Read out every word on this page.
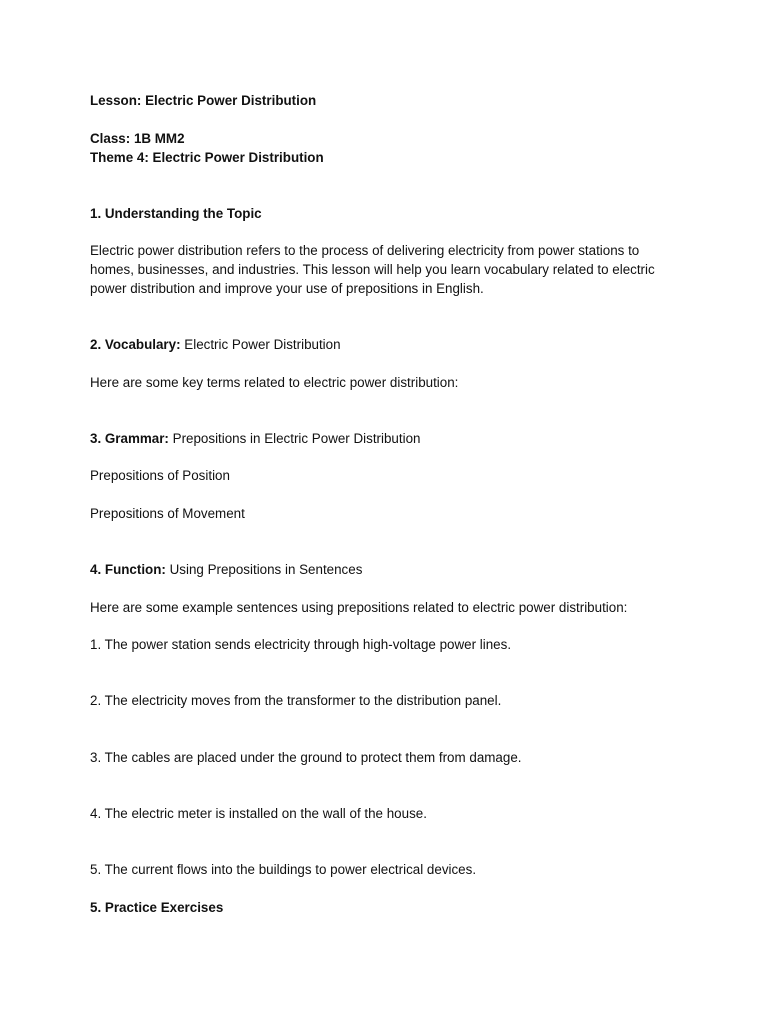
Lesson: Electric Power Distribution
Class: 1B MM2
Theme 4: Electric Power Distribution
1. Understanding the Topic
Electric power distribution refers to the process of delivering electricity from power stations to
homes, businesses, and industries. This lesson will help you learn vocabulary related to electric
power distribution and improve your use of prepositions in English.
2. Vocabulary: Electric Power Distribution
Here are some key terms related to electric power distribution:
3. Grammar: Prepositions in Electric Power Distribution
Prepositions of Position
Prepositions of Movement
4. Function: Using Prepositions in Sentences
Here are some example sentences using prepositions related to electric power distribution:
1. The power station sends electricity through high-voltage power lines.
2. The electricity moves from the transformer to the distribution panel.
3. The cables are placed under the ground to protect them from damage.
4. The electric meter is installed on the wall of the house.
5. The current flows into the buildings to power electrical devices.
5. Practice Exercises
